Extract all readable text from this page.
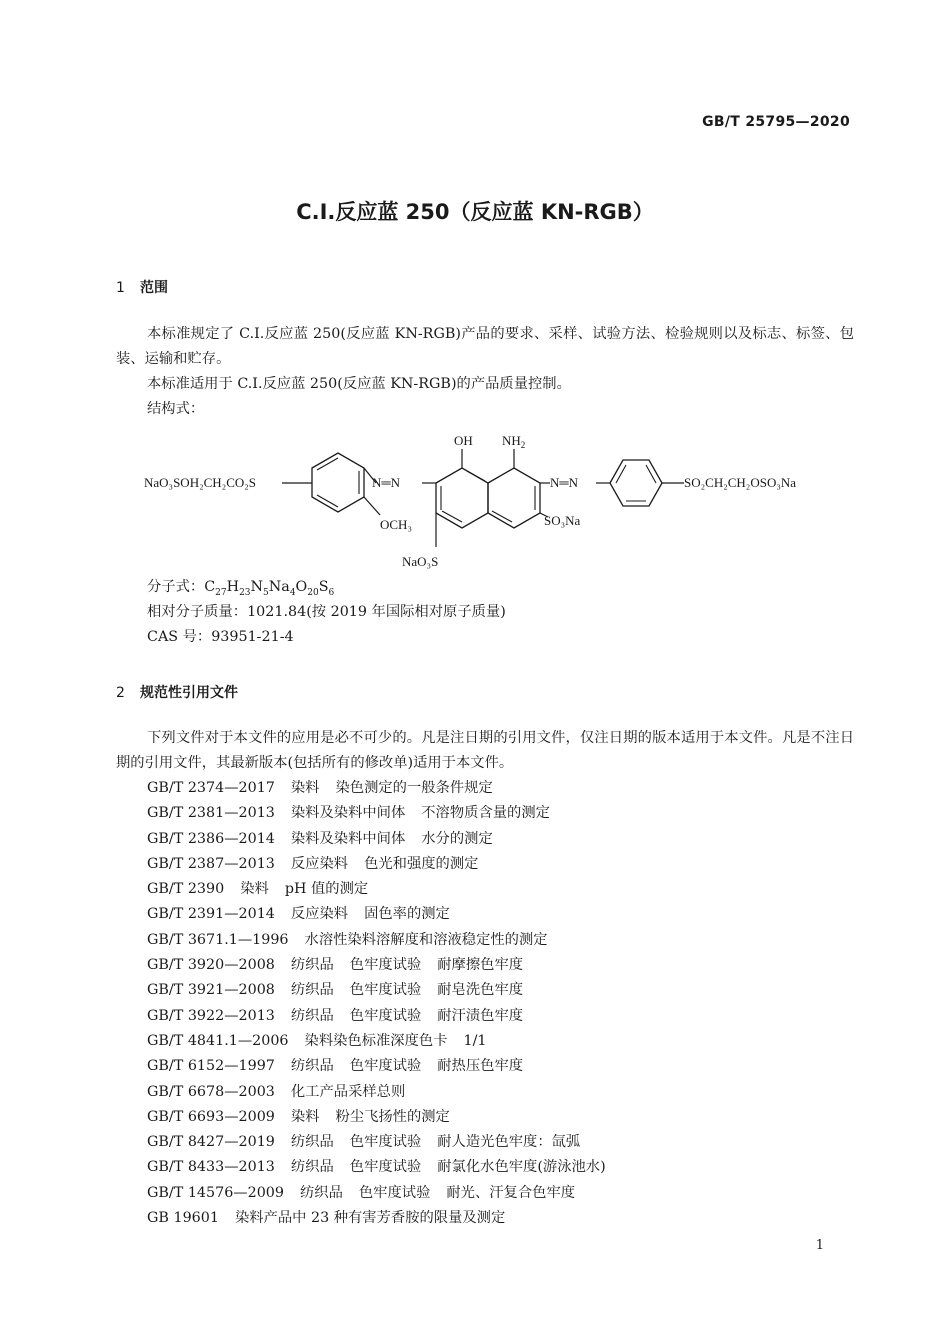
GB/T 25795—2020
C.I.反应蓝 250（反应蓝 KN-RGB）
1 范围
本标准规定了 C.I.反应蓝 250(反应蓝 KN-RGB)产品的要求、采样、试验方法、检验规则以及标志、标签、包装、运输和贮存。
本标准适用于 C.I.反应蓝 250(反应蓝 KN-RGB)的产品质量控制。
结构式：
NaO₃SOH₂CH₂CO₂S
OCH₃
N═N
OH $NH_2$
NaO₃S
SO₃Na
N═N	SO₂CH₂CH₂OSO₃Na
分子式：$C_{27}H_{23}N_5Na_4O_{20}S_6$
相对分子质量：1021.84(按 2019 年国际相对原子质量)
CAS 号：93951-21-4
2 规范性引用文件
下列文件对于本文件的应用是必不可少的。凡是注日期的引用文件，仅注日期的版本适用于本文件。凡是不注日期的引用文件，其最新版本(包括所有的修改单)适用于本文件。
GB/T 2374—2017 染料 染色测定的一般条件规定
GB/T 2381—2013 染料及染料中间体 不溶物质含量的测定
GB/T 2386—2014 染料及染料中间体 水分的测定
GB/T 2387—2013 反应染料 色光和强度的测定
GB/T 2390 染料 pH 值的测定
GB/T 2391—2014 反应染料 固色率的测定
GB/T 3671.1—1996 水溶性染料溶解度和溶液稳定性的测定
GB/T 3920—2008 纺织品 色牢度试验 耐摩擦色牢度
GB/T 3921—2008 纺织品 色牢度试验 耐皂洗色牢度
GB/T 3922—2013 纺织品 色牢度试验 耐汗渍色牢度
GB/T 4841.1—2006 染料染色标准深度色卡 1/1
GB/T 6152—1997 纺织品 色牢度试验 耐热压色牢度
GB/T 6678—2003 化工产品采样总则
GB/T 6693—2009 染料 粉尘飞扬性的测定
GB/T 8427—2019 纺织品 色牢度试验 耐人造光色牢度：氙弧
GB/T 8433—2013 纺织品 色牢度试验 耐氯化水色牢度(游泳池水)
GB/T 14576—2009 纺织品 色牢度试验 耐光、汗复合色牢度
GB 19601 染料产品中 23 种有害芳香胺的限量及测定
1
